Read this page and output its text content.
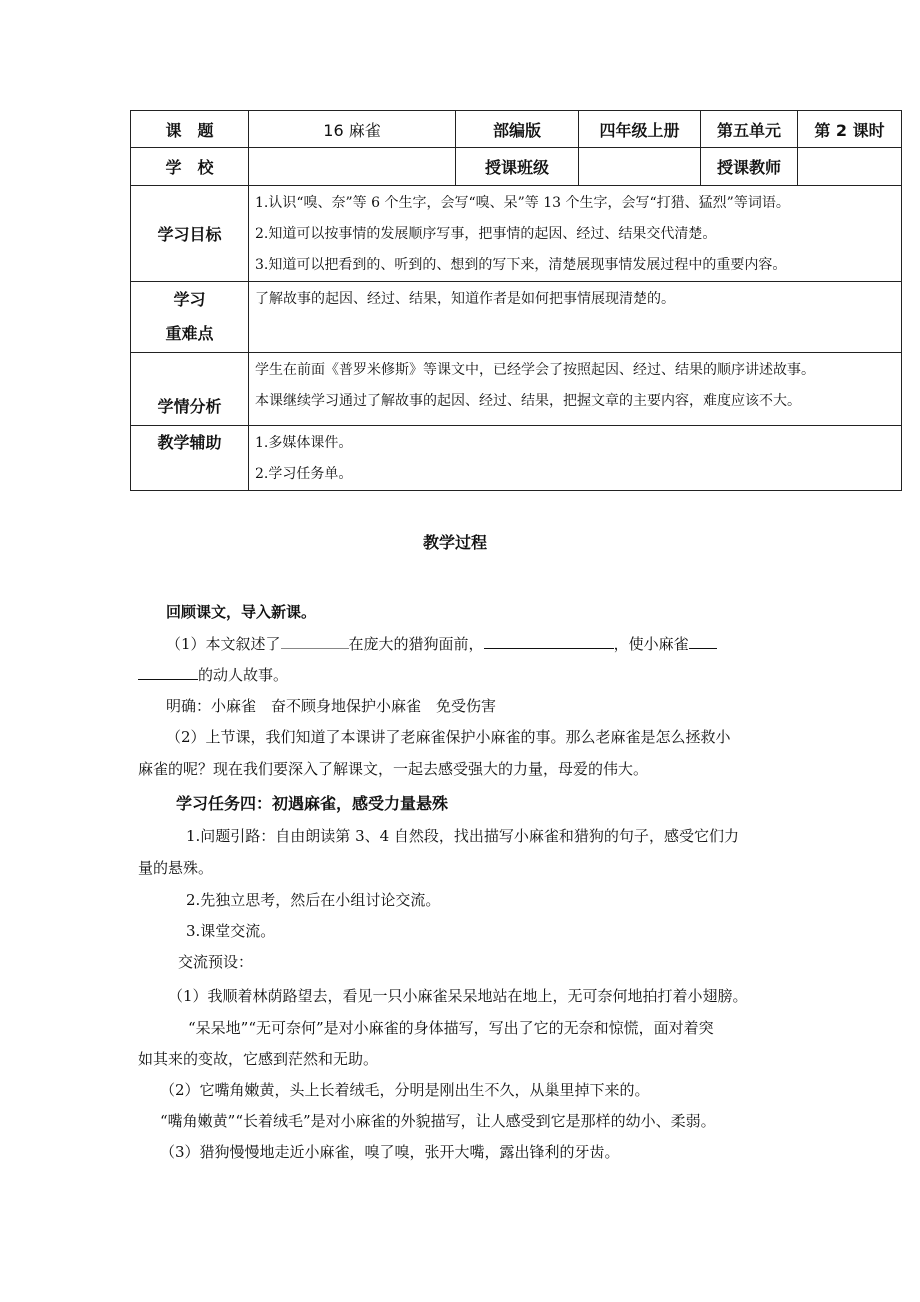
课　题	16 麻雀	部编版	四年级上册	第五单元	第 2 课时
学　校		授课班级		授课教师	
学习目标	1.认识“嗅、奈”等 6 个生字，会写“嗅、呆”等 13 个生字，会写“打猎、猛烈”等词语。
2.知道可以按事情的发展顺序写事，把事情的起因、经过、结果交代清楚。
3.知道可以把看到的、听到的、想到的写下来，清楚展现事情发展过程中的重要内容。				

学习
重难点	了解故事的起因、经过、结果，知道作者是如何把事情展现清楚的。				
学情分析	学生在前面《普罗米修斯》等课文中，已经学会了按照起因、经过、结果的顺序讲述故事。
本课继续学习通过了解故事的起因、经过、结果，把握文章的主要内容，难度应该不大。				

教学辅助	1.多媒体课件。
2.学习任务单。				
教学过程
回顾课文，导入新课。
（1）本文叙述了	在庞大的猎狗面前，	，使小麻雀
的动人故事。
明确：小麻雀　奋不顾身地保护小麻雀　免受伤害
（2）上节课，我们知道了本课讲了老麻雀保护小麻雀的事。那么老麻雀是怎么拯救小
麻雀的呢？现在我们要深入了解课文，一起去感受强大的力量，母爱的伟大。
学习任务四：初遇麻雀，感受力量悬殊
1.问题引路：自由朗读第 3、4 自然段，找出描写小麻雀和猎狗的句子，感受它们力
量的悬殊。
2.先独立思考，然后在小组讨论交流。
3.课堂交流。
交流预设：
（1）我顺着林荫路望去，看见一只小麻雀呆呆地站在地上，无可奈何地拍打着小翅膀。
“呆呆地”“无可奈何”是对小麻雀的身体描写，写出了它的无奈和惊慌，面对着突
如其来的变故，它感到茫然和无助。
（2）它嘴角嫩黄，头上长着绒毛，分明是刚出生不久，从巢里掉下来的。
“嘴角嫩黄”“长着绒毛”是对小麻雀的外貌描写，让人感受到它是那样的幼小、柔弱。
（3）猎狗慢慢地走近小麻雀，嗅了嗅，张开大嘴，露出锋利的牙齿。
